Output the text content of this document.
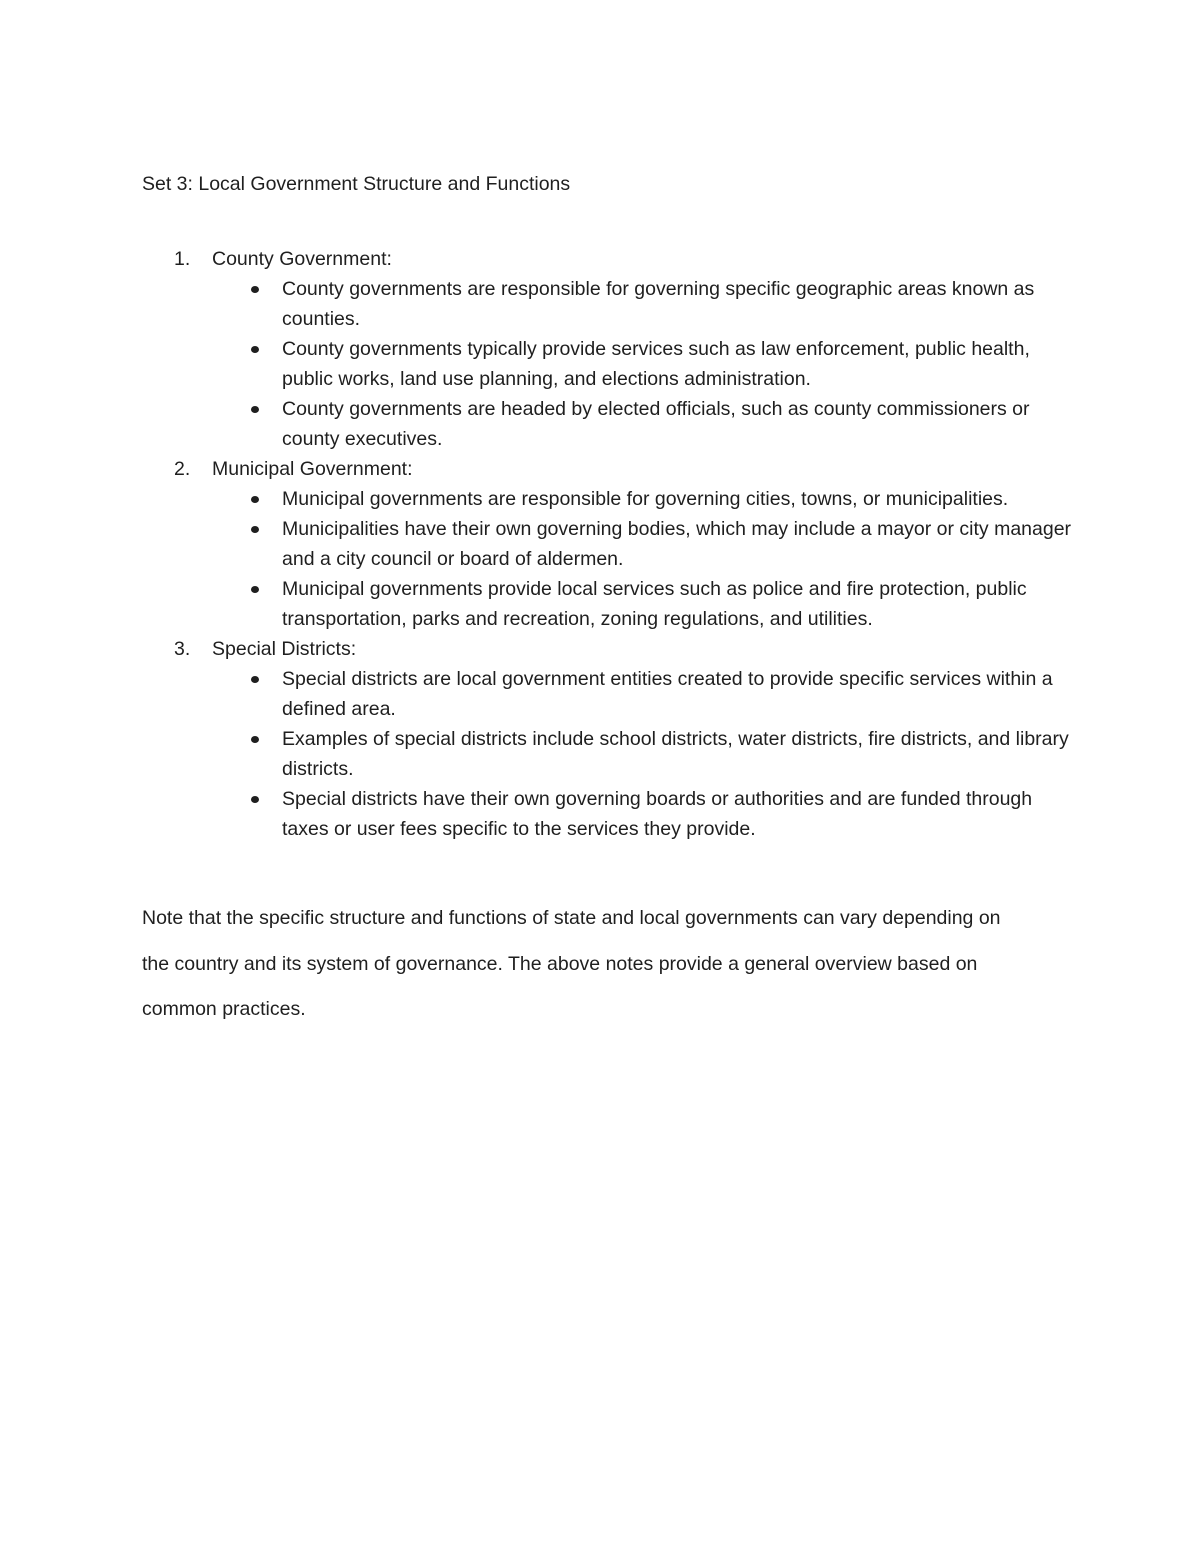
Set 3: Local Government Structure and Functions
1. County Government:
County governments are responsible for governing specific geographic areas known as counties.
County governments typically provide services such as law enforcement, public health, public works, land use planning, and elections administration.
County governments are headed by elected officials, such as county commissioners or county executives.
2. Municipal Government:
Municipal governments are responsible for governing cities, towns, or municipalities.
Municipalities have their own governing bodies, which may include a mayor or city manager and a city council or board of aldermen.
Municipal governments provide local services such as police and fire protection, public transportation, parks and recreation, zoning regulations, and utilities.
3. Special Districts:
Special districts are local government entities created to provide specific services within a defined area.
Examples of special districts include school districts, water districts, fire districts, and library districts.
Special districts have their own governing boards or authorities and are funded through taxes or user fees specific to the services they provide.

Note that the specific structure and functions of state and local governments can vary depending on the country and its system of governance. The above notes provide a general overview based on common practices.
